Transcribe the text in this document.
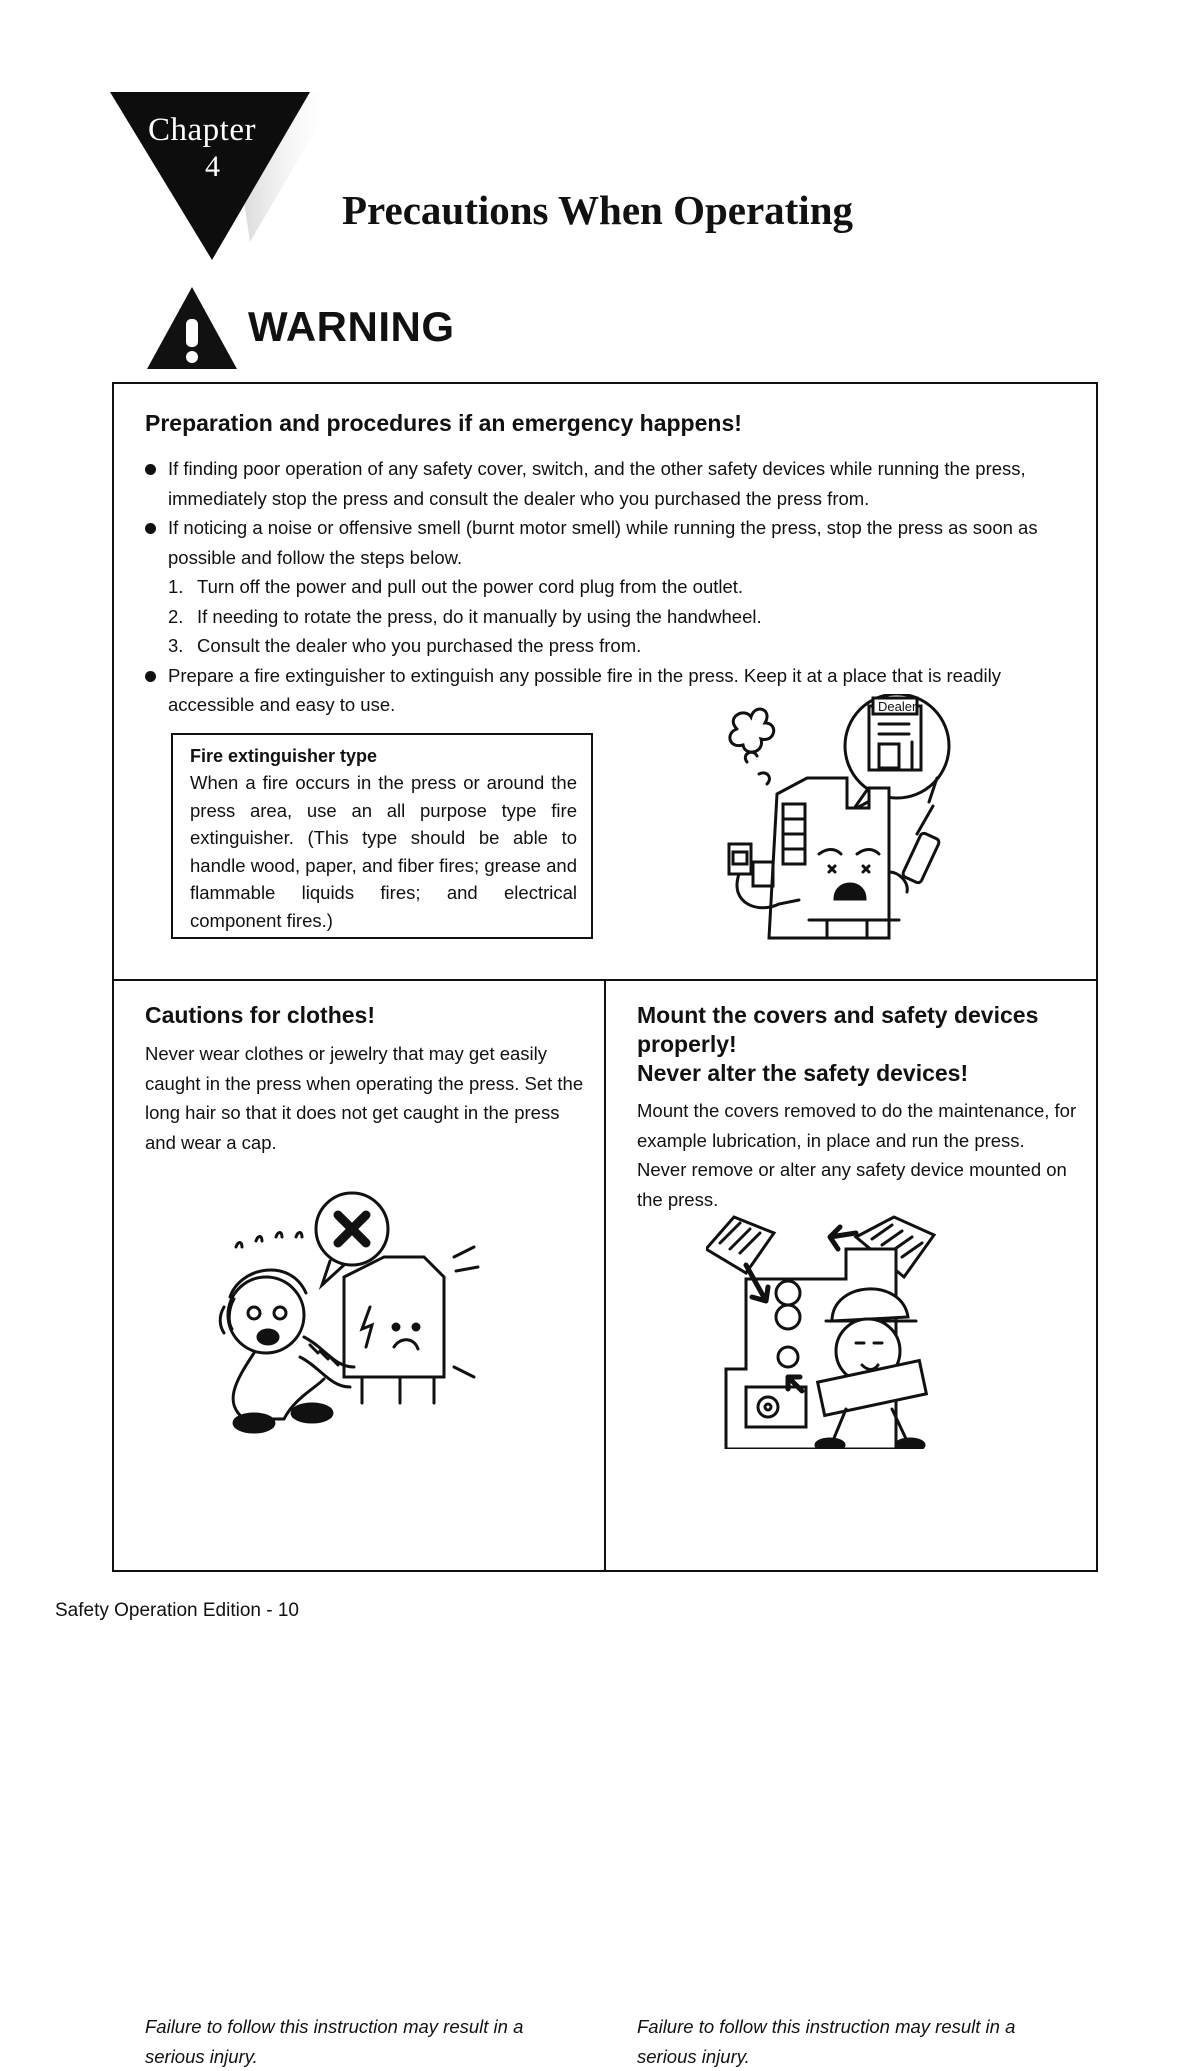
Chapter
4
Precautions When Operating
WARNING
Preparation and procedures if an emergency happens!
If finding poor operation of any safety cover, switch, and the other safety devices while running the press, immediately stop the press and consult the dealer who you purchased the press from.
If noticing a noise or offensive smell (burnt motor smell) while running the press, stop the press as soon as possible and follow the steps below.
1. Turn off the power and pull out the power cord plug from the outlet.
2. If needing to rotate the press, do it manually by using the handwheel.
3. Consult the dealer who you purchased the press from.
Prepare a fire extinguisher to extinguish any possible fire in the press. Keep it at a place that is readily accessible and easy to use.
Fire extinguisher type

When a fire occurs in the press or around the press area, use an all purpose type fire extinguisher. (This type should be able to handle wood, paper, and fiber fires; grease and flammable liquids fires; and electrical component fires.)

Dealer
Cautions for clothes!

Never wear clothes or jewelry that may get easily caught in the press when operating the press. Set the long hair so that it does not get caught in the press and wear a cap.

Failure to follow this instruction may result in a serious injury.

Mount the covers and safety devices properly!
Never alter the safety devices!

Mount the covers removed to do the maintenance, for example lubrication, in place and run the press. Never remove or alter any safety device mounted on the press.

Failure to follow this instruction may result in a serious injury.

Safety Operation Edition - 10
